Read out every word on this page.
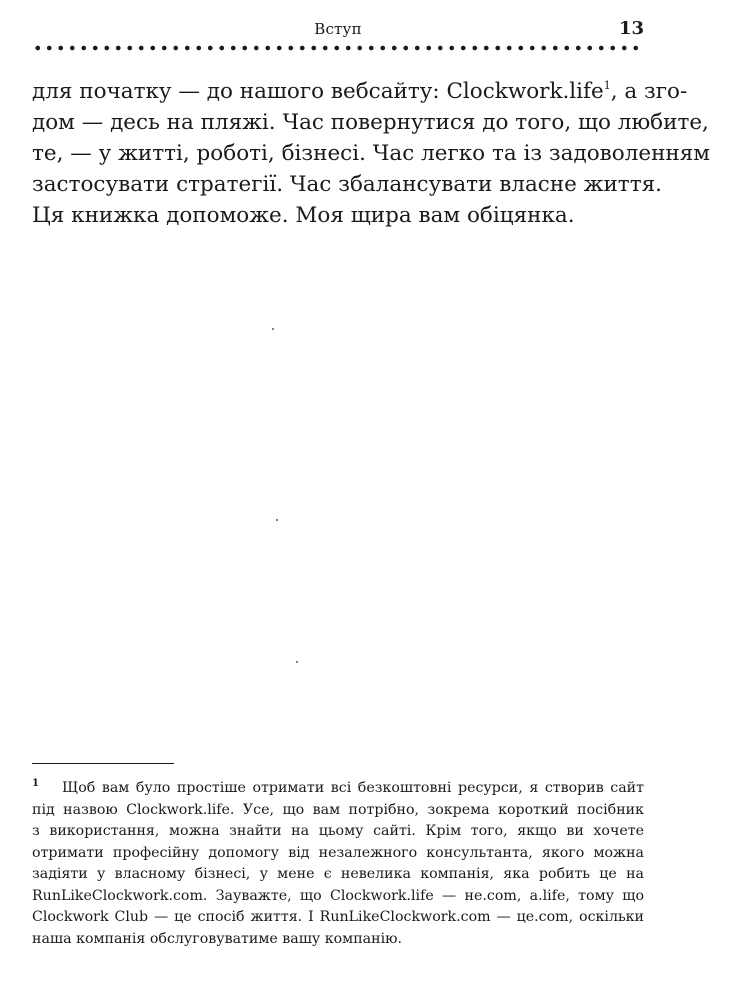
Вступ	13
для початку — до нашого вебсайту: Clockwork.life$^1$, а зго-
дом — десь на пляжі. Час повернутися до того, що любите,
те, — у житті, роботі, бізнесі. Час легко та із задоволенням
застосувати стратегії. Час збалансувати власне життя.
Ця книжка допоможе. Моя щира вам обіцянка.
1 Щоб вам було простіше отримати всі безкоштовні ресурси, я створив сайт
під назвою Clockwork.life. Усе, що вам потрібно, зокрема короткий посібник
з використання, можна знайти на цьому сайті. Крім того, якщо ви хочете
отримати професійну допомогу від незалежного консультанта, якого можна
задіяти у власному бізнесі, у мене є невелика компанія, яка робить це на
RunLikeClockwork.com. Зауважте, що Clockwork.life — не.com, а.life, тому що
Clockwork Club — це спосіб життя. І RunLikeClockwork.com — це.com, оскільки
наша компанія обслуговуватиме вашу компанію.
